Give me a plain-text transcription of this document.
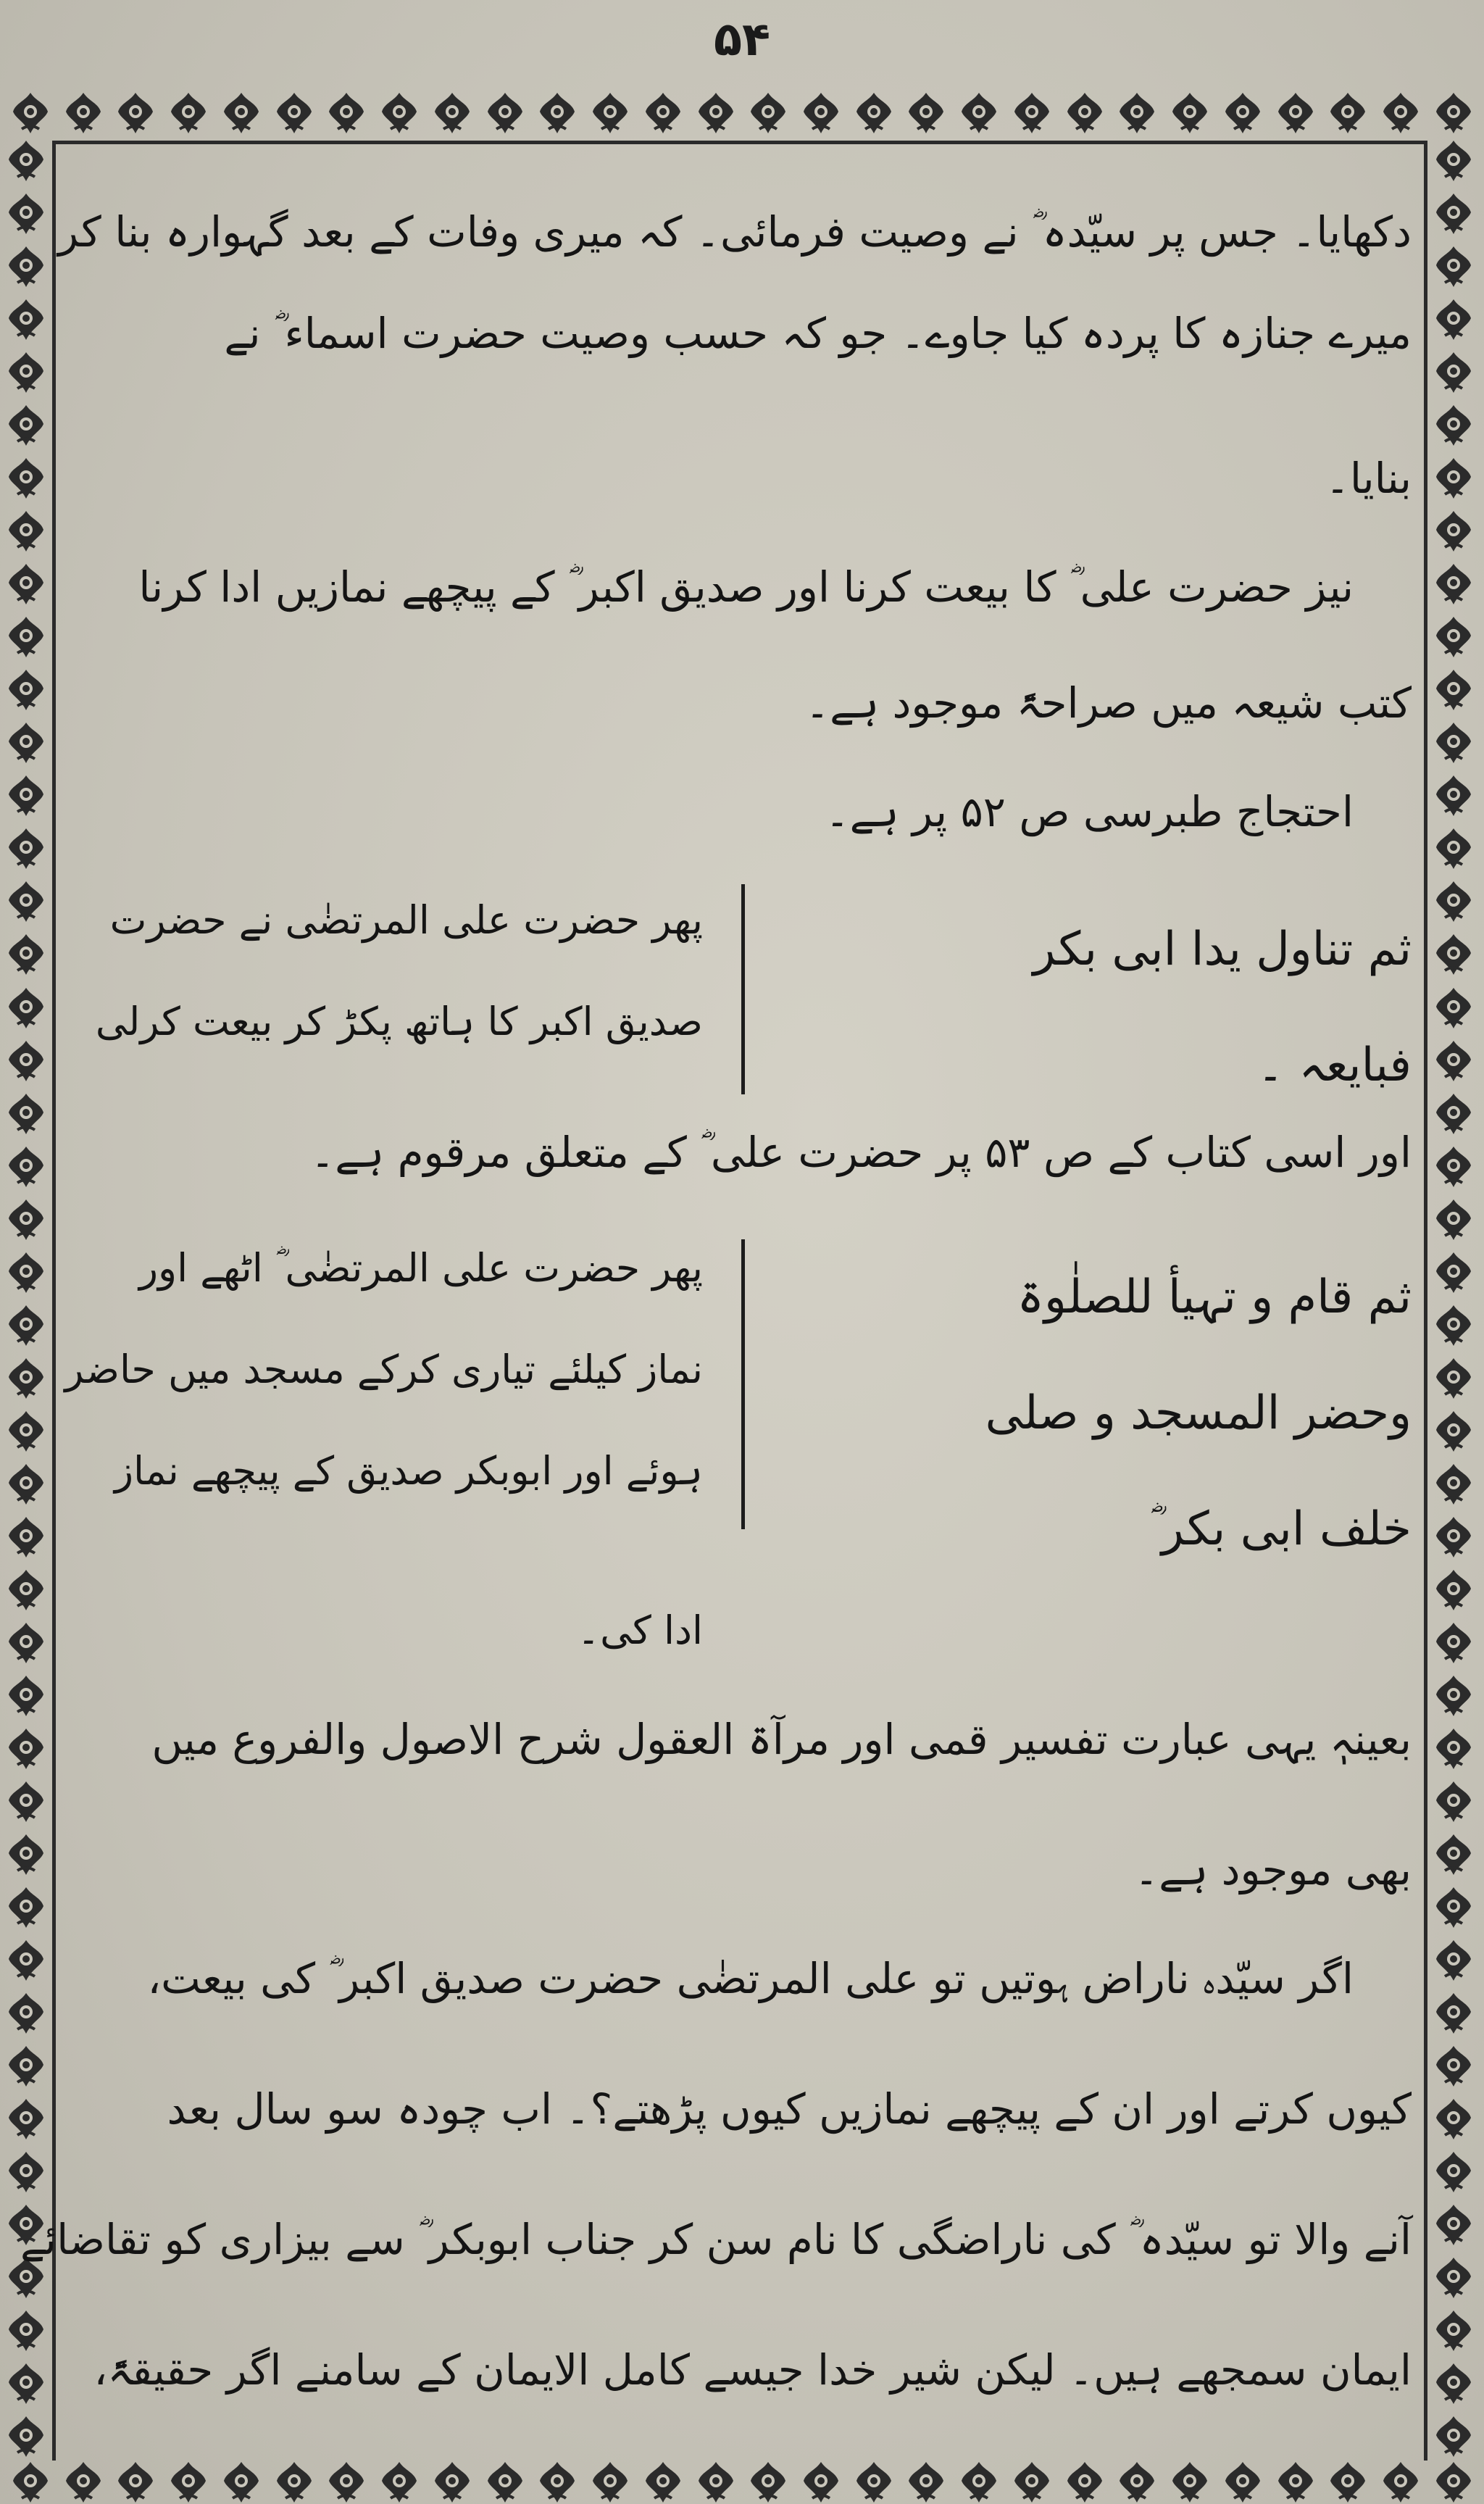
۵۴
دکھایا۔ جس پر سیّدہ ؓ نے وصیت فرمائی۔ کہ میری وفات کے بعد گہوارہ بنا کر
میرے جنازہ کا پردہ کیا جاوے۔ جو کہ حسب وصیت حضرت اسماء ؓ نے
بنایا۔
نیز حضرت علی ؓ کا بیعت کرنا اور صدیق اکبر ؓ کے پیچھے نمازیں ادا کرنا
کتب شیعہ میں صراحۃً موجود ہے۔
احتجاج طبرسی ص ۵۲ پر ہے۔
ثم تناول یدا ابی بکر
فبایعہ ۔
پھر حضرت علی المرتضٰی نے حضرت
صدیق اکبر کا ہاتھ پکڑ کر بیعت کرلی
اور اسی کتاب کے ص ۵۳ پر حضرت علی ؓ کے متعلق مرقوم ہے۔
ثم قام و تہیأ للصلٰوۃ
وحضر المسجد و صلی
خلف ابی بکر ؓ
پھر حضرت علی المرتضٰی ؓ اٹھے اور
نماز کیلئے تیاری کرکے مسجد میں حاضر
ہوئے اور ابوبکر صدیق کے پیچھے نماز
ادا کی۔
بعینہٖ یہی عبارت تفسیر قمی اور مرآۃ العقول شرح الاصول والفروع میں
بھی موجود ہے۔
اگر سیّدہ ناراض ہوتیں تو علی المرتضٰی حضرت صدیق اکبر ؓ کی بیعت،
کیوں کرتے اور ان کے پیچھے نمازیں کیوں پڑھتے؟۔ اب چودہ سو سال بعد
آنے والا تو سیّدہ ؓ کی ناراضگی کا نام سن کر جناب ابوبکر ؓ سے بیزاری کو تقاضائے
ایمان سمجھے ہیں۔ لیکن شیر خدا جیسے کامل الایمان کے سامنے اگر حقیقۃً،
